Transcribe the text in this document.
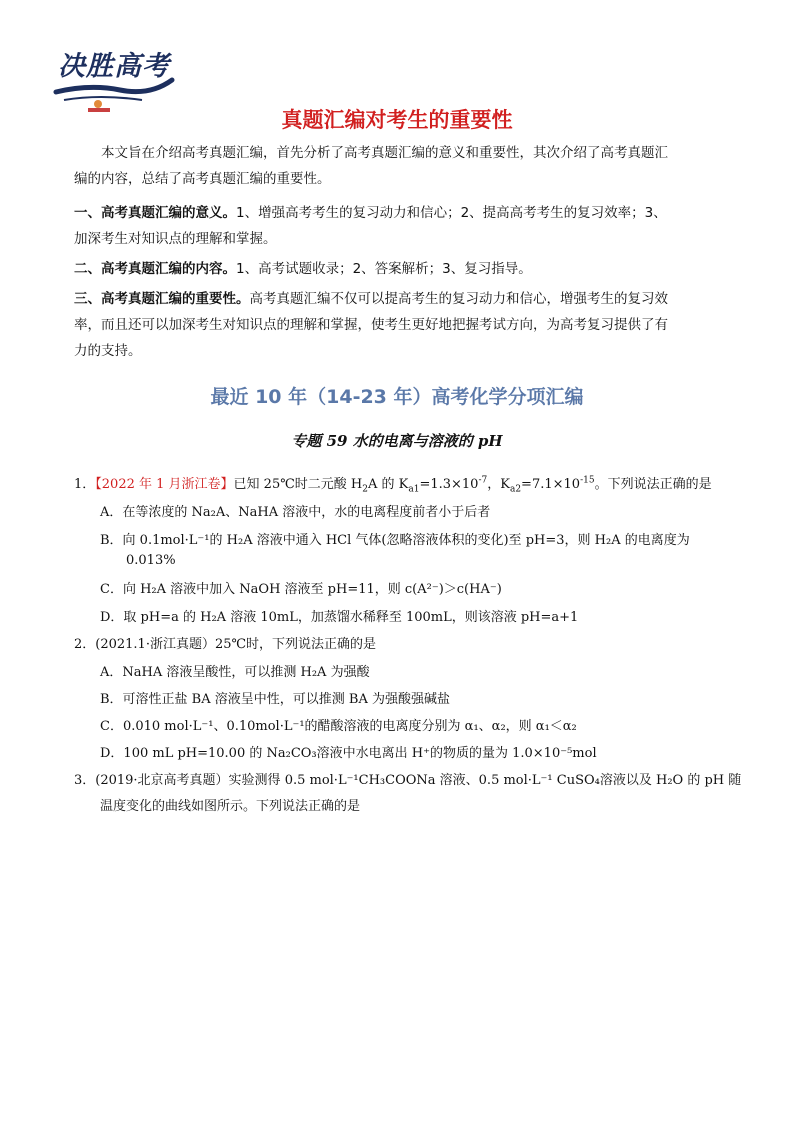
决胜高考
真题汇编对考生的重要性
本文旨在介绍高考真题汇编，首先分析了高考真题汇编的意义和重要性，其次介绍了高考真题汇
编的内容，总结了高考真题汇编的重要性。
一、高考真题汇编的意义。1、增强高考考生的复习动力和信心；2、提高高考考生的复习效率；3、
加深考生对知识点的理解和掌握。
二、高考真题汇编的内容。1、高考试题收录；2、答案解析；3、复习指导。
三、高考真题汇编的重要性。高考真题汇编不仅可以提高考生的复习动力和信心，增强考生的复习效
率，而且还可以加深考生对知识点的理解和掌握，使考生更好地把握考试方向，为高考复习提供了有
力的支持。
最近 10 年（14-23 年）高考化学分项汇编
专题 59 水的电离与溶液的 pH
1．【2022 年 1 月浙江卷】已知 25℃时二元酸 $H_2A$ 的 $K_{a1}=1.3\times 10^{-7}$，$K_{a2}=7.1\times 10^{-15}$。下列说法正确的是
A．在等浓度的 Na₂A、NaHA 溶液中，水的电离程度前者小于后者
B．向 0.1mol·L⁻¹的 H₂A 溶液中通入 HCl 气体(忽略溶液体积的变化)至 pH=3，则 H₂A 的电离度为
0.013%
C．向 H₂A 溶液中加入 NaOH 溶液至 pH=11，则 c(A²⁻)＞c(HA⁻)
D．取 pH=a 的 H₂A 溶液 10mL，加蒸馏水稀释至 100mL，则该溶液 pH=a+1
2．(2021.1·浙江真题）25℃时，下列说法正确的是
A．NaHA 溶液呈酸性，可以推测 H₂A 为强酸
B．可溶性正盐 BA 溶液呈中性，可以推测 BA 为强酸强碱盐
C．0.010 mol·L⁻¹、0.10mol·L⁻¹的醋酸溶液的电离度分别为 α₁、α₂，则 α₁＜α₂
D．100 mL pH=10.00 的 Na₂CO₃溶液中水电离出 H⁺的物质的量为 1.0×10⁻⁵mol
3．(2019·北京高考真题）实验测得 0.5 mol·L⁻¹CH₃COONa 溶液、0.5 mol·L⁻¹ CuSO₄溶液以及 H₂O 的 pH 随
温度变化的曲线如图所示。下列说法正确的是
